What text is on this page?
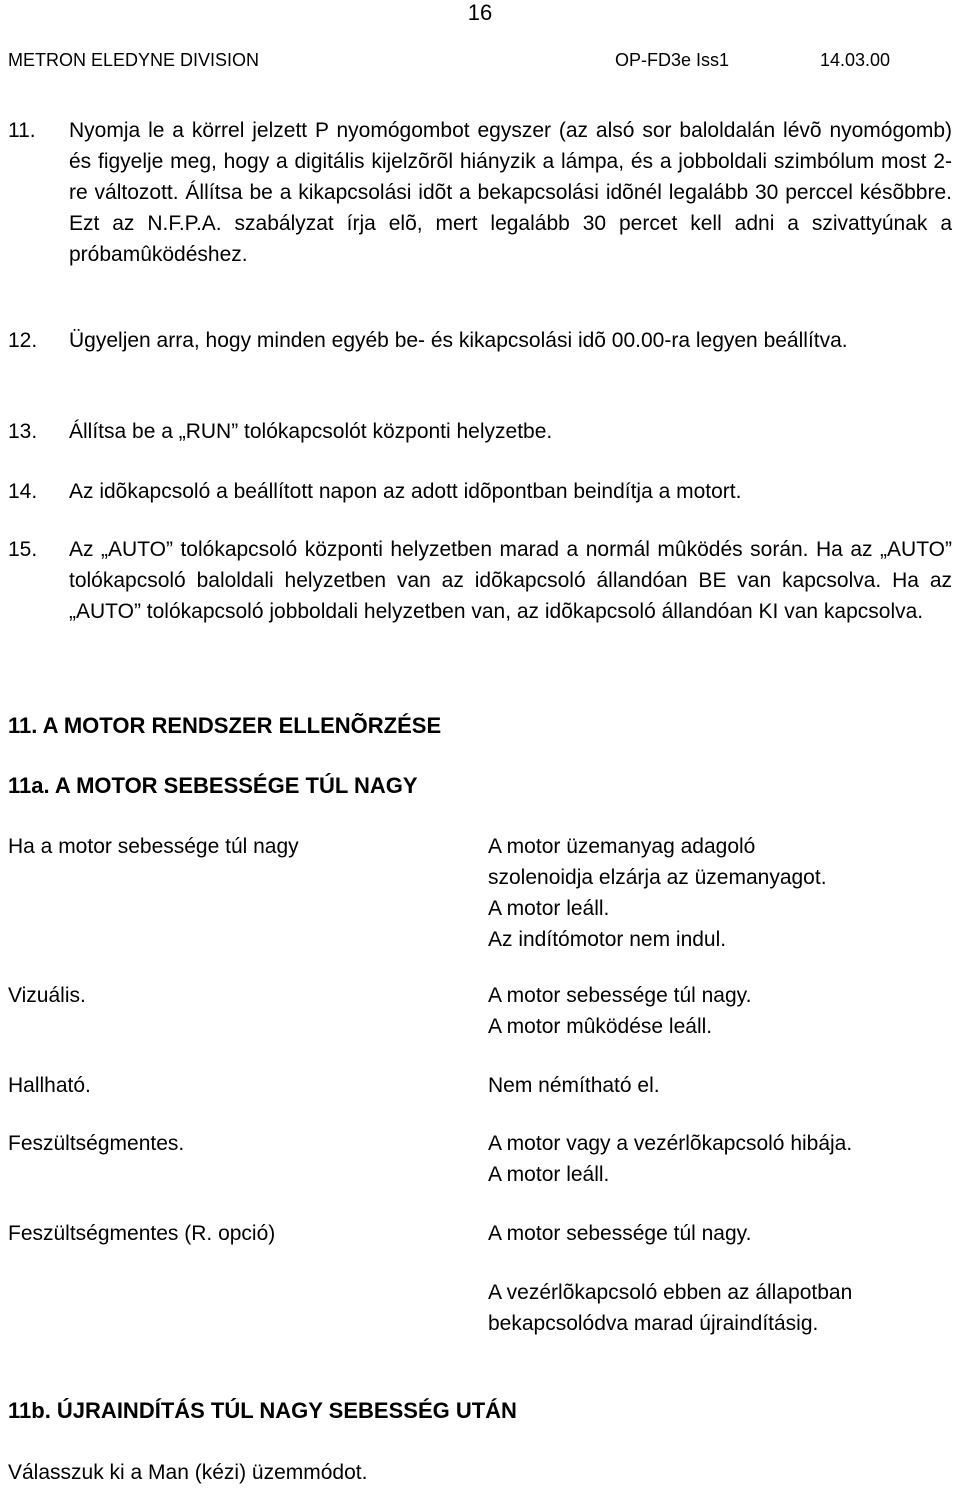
16
METRON ELEDYNE DIVISION	OP-FD3e Iss1	14.03.00
11. Nyomja le a körrel jelzett P nyomógombot egyszer (az alsó sor baloldalán lévõ nyomógomb) és figyelje meg, hogy a digitális kijelzõrõl hiányzik a lámpa, és a jobboldali szimbólum most 2-re változott. Állítsa be a kikapcsolási idõt a bekapcsolási idõnél legalább 30 perccel késõbbre. Ezt az N.F.P.A. szabályzat írja elõ, mert legalább 30 percet kell adni a szivattyúnak a próbamûködéshez.

12. Ügyeljen arra, hogy minden egyéb be- és kikapcsolási idõ 00.00-ra legyen beállítva.

13. Állítsa be a „RUN” tolókapcsolót központi helyzetbe.

14. Az idõkapcsoló a beállított napon az adott idõpontban beindítja a motort.

15. Az „AUTO” tolókapcsoló központi helyzetben marad a normál mûködés során. Ha az „AUTO” tolókapcsoló baloldali helyzetben van az idõkapcsoló állandóan BE van kapcsolva. Ha az „AUTO” tolókapcsoló jobboldali helyzetben van, az idõkapcsoló állandóan KI van kapcsolva.

11. A MOTOR RENDSZER ELLENÕRZÉSE
11a. A MOTOR SEBESSÉGE TÚL NAGY

Ha a motor sebessége túl nagy	A motor üzemanyag adagoló

szolenoidja elzárja az üzemanyagot.

A motor leáll.

Az indítómotor nem indul.

Vizuális.	A motor sebessége túl nagy.

A motor mûködése leáll.

Hallható.	Nem némítható el.

Feszültségmentes.	A motor vagy a vezérlõkapcsoló hibája.

A motor leáll.

Feszültségmentes (R. opció)	A motor sebessége túl nagy.

A vezérlõkapcsoló ebben az állapotban

bekapcsolódva marad újraindításig.

11b. ÚJRAINDÍTÁS TÚL NAGY SEBESSÉG UTÁN

Válasszuk ki a Man (kézi) üzemmódot.
